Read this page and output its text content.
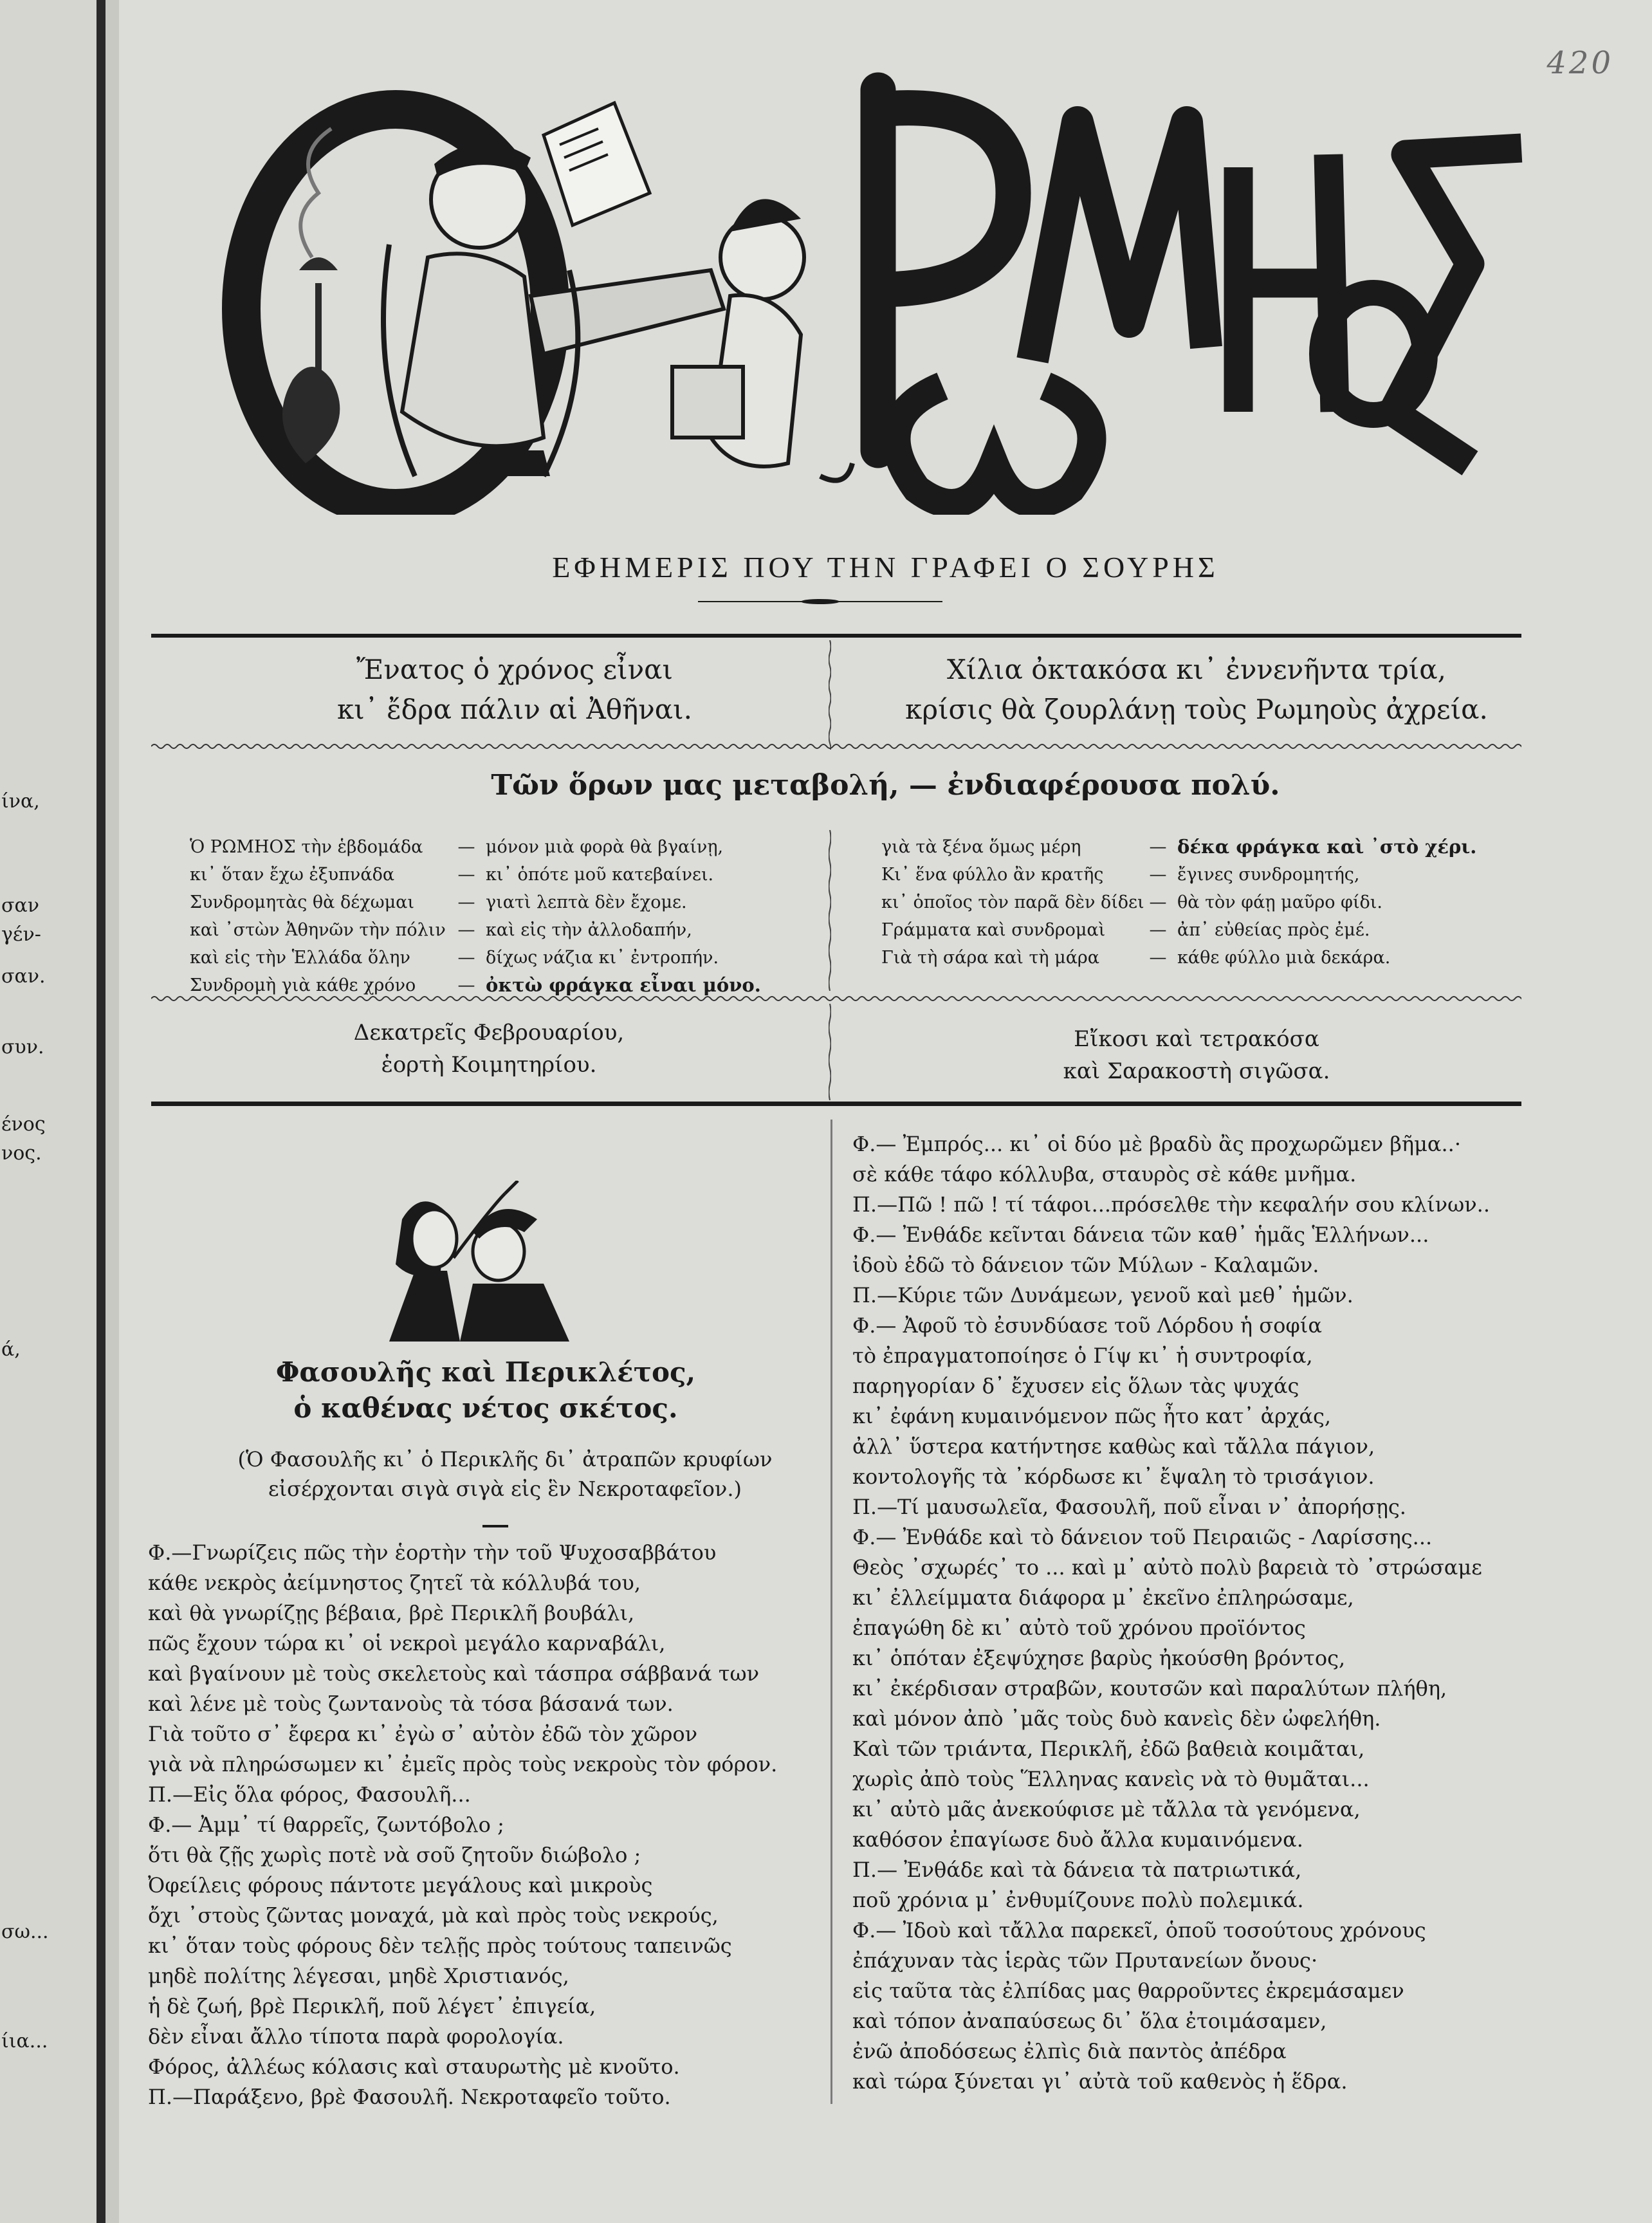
ίνα,
σαν
γέν-
σαν.
συν.
ένος
νος.
ά,
σω...
ίια...
420
ΕΦΗΜΕΡΙΣ ΠΟΥ ΤΗΝ ΓΡΑΦΕΙ Ο ΣΟΥΡΗΣ
Ἔνατος ὁ χρόνος εἶναι
κι᾽ ἔδρα πάλιν αἱ Ἀθῆναι.
Χίλια ὀκτακόσα κι᾽ ἐννενῆντα τρία,
κρίσις θὰ ζουρλάνῃ τοὺς Ρωμηοὺς ἀχρεία.
Τῶν ὅρων μας μεταβολή, — ἐνδιαφέρουσα πολύ.
Ὁ ΡΩΜΗΟΣ τὴν ἑβδομάδα	— μόνον μιὰ φορὰ θὰ βγαίνῃ,
κι᾽ ὅταν ἔχω ἐξυπνάδα	— κι᾽ ὁπότε μοῦ κατεβαίνει.
Συνδρομητὰς θὰ δέχωμαι	— γιατὶ λεπτὰ δὲν ἔχομε.
καὶ ᾽στὼν Ἀθηνῶν τὴν πόλιν — καὶ εἰς τὴν ἀλλοδαπήν,
καὶ εἰς τὴν Ἑλλάδα ὅλην	— δίχως νάζια κι᾽ ἐντροπήν.
Συνδρομὴ γιὰ κάθε χρόνο	— ὀκτὼ φράγκα εἶναι μόνο.
γιὰ τὰ ξένα ὅμως μέρη	— δέκα φράγκα καὶ ᾽στὸ χέρι.
Κι᾽ ἕνα φύλλο ἂν κρατῆς	— ἔγινες συνδρομητής,
κι᾽ ὁποῖος τὸν παρᾶ δὲν δίδει — θὰ τὸν φάῃ μαῦρο φίδι.
Γράμματα καὶ συνδρομαὶ	— ἀπ᾽ εὐθείας πρὸς ἐμέ.
Γιὰ τὴ σάρα καὶ τὴ μάρα	— κάθε φύλλο μιὰ δεκάρα.
Δεκατρεῖς Φεβρουαρίου,
ἑορτὴ Κοιμητηρίου.
Εἴκοσι καὶ τετρακόσα
καὶ Σαρακοστὴ σιγῶσα.
Φασουλῆς καὶ Περικλέτος,
ὁ καθένας νέτος σκέτος.
(Ὁ Φασουλῆς κι᾽ ὁ Περικλῆς δι᾽ ἀτραπῶν κρυφίων
εἰσέρχονται σιγὰ σιγὰ εἰς ἓν Νεκροταφεῖον.)
Φ.—Γνωρίζεις πῶς τὴν ἑορτὴν τὴν τοῦ Ψυχοσαββάτου
κάθε νεκρὸς ἀείμνηστος ζητεῖ τὰ κόλλυβά του,
καὶ θὰ γνωρίζῃς βέβαια, βρὲ Περικλῆ βουβάλι,
πῶς ἔχουν τώρα κι᾽ οἱ νεκροὶ μεγάλο καρναβάλι,
καὶ βγαίνουν μὲ τοὺς σκελετοὺς καὶ τάσπρα σάββανά των
καὶ λένε μὲ τοὺς ζωντανοὺς τὰ τόσα βάσανά των.
Γιὰ τοῦτο σ᾽ ἔφερα κι᾽ ἐγὼ σ᾽ αὐτὸν ἐδῶ τὸν χῶρον
γιὰ νὰ πληρώσωμεν κι᾽ ἐμεῖς πρὸς τοὺς νεκροὺς τὸν φόρον.
Π.—Εἰς ὅλα φόρος, Φασουλῆ...
Φ.— Ἀμμ᾽ τί θαρρεῖς, ζωντόβολο ;
ὅτι θὰ ζῇς χωρὶς ποτὲ νὰ σοῦ ζητοῦν διώβολο ;
Ὀφείλεις φόρους πάντοτε μεγάλους καὶ μικροὺς
ὄχι ᾽στοὺς ζῶντας μοναχά, μὰ καὶ πρὸς τοὺς νεκρούς,
κι᾽ ὅταν τοὺς φόρους δὲν τελῇς πρὸς τούτους ταπεινῶς
μηδὲ πολίτης λέγεσαι, μηδὲ Χριστιανός,
ἡ δὲ ζωή, βρὲ Περικλῆ, ποῦ λέγετ᾽ ἐπιγεία,
δὲν εἶναι ἄλλο τίποτα παρὰ φορολογία.
Φόρος, ἀλλέως κόλασις καὶ σταυρωτὴς μὲ κνοῦτο.
Π.—Παράξενο, βρὲ Φασουλῆ. Νεκροταφεῖο τοῦτο.
Φ.— Ἐμπρός... κι᾽ οἱ δύο μὲ βραδὺ ἂς προχωρῶμεν βῆμα..·
σὲ κάθε τάφο κόλλυβα, σταυρὸς σὲ κάθε μνῆμα.
Π.—Πῶ ! πῶ ! τί τάφοι...πρόσελθε τὴν κεφαλήν σου κλίνων..
Φ.— Ἐνθάδε κεῖνται δάνεια τῶν καθ᾽ ἡμᾶς Ἑλλήνων...
ἰδοὺ ἐδῶ τὸ δάνειον τῶν Μύλων - Καλαμῶν.
Π.—Κύριε τῶν Δυνάμεων, γενοῦ καὶ μεθ᾽ ἡμῶν.
Φ.— Ἀφοῦ τὸ ἐσυνδύασε τοῦ Λόρδου ἡ σοφία
τὸ ἐπραγματοποίησε ὁ Γίψ κι᾽ ἡ συντροφία,
παρηγορίαν δ᾽ ἔχυσεν εἰς ὅλων τὰς ψυχάς
κι᾽ ἐφάνη κυμαινόμενον πῶς ἦτο κατ᾽ ἀρχάς,
ἀλλ᾽ ὕστερα κατήντησε καθὼς καὶ τἄλλα πάγιον,
κοντολογῆς τὰ ᾽κόρδωσε κι᾽ ἔψαλη τὸ τρισάγιον.
Π.—Τί μαυσωλεῖα, Φασουλῆ, ποῦ εἶναι ν᾽ ἀπορήσῃς.
Φ.— Ἐνθάδε καὶ τὸ δάνειον τοῦ Πειραιῶς - Λαρίσσης...
Θεὸς ᾽σχωρές᾽ το ... καὶ μ᾽ αὐτὸ πολὺ βαρειὰ τὸ ᾽στρώσαμε
κι᾽ ἐλλείμματα διάφορα μ᾽ ἐκεῖνο ἐπληρώσαμε,
ἐπαγώθη δὲ κι᾽ αὐτὸ τοῦ χρόνου προϊόντος
κι᾽ ὁπόταν ἐξεψύχησε βαρὺς ἠκούσθη βρόντος,
κι᾽ ἐκέρδισαν στραβῶν, κουτσῶν καὶ παραλύτων πλήθη,
καὶ μόνον ἀπὸ ᾽μᾶς τοὺς δυὸ κανεὶς δὲν ὠφελήθη.
Καὶ τῶν τριάντα, Περικλῆ, ἐδῶ βαθειὰ κοιμᾶται,
χωρὶς ἀπὸ τοὺς Ἕλληνας κανεὶς νὰ τὸ θυμᾶται...
κι᾽ αὐτὸ μᾶς ἀνεκούφισε μὲ τἄλλα τὰ γενόμενα,
καθόσον ἐπαγίωσε δυὸ ἄλλα κυμαινόμενα.
Π.— Ἐνθάδε καὶ τὰ δάνεια τὰ πατριωτικά,
ποῦ χρόνια μ᾽ ἐνθυμίζουνε πολὺ πολεμικά.
Φ.— Ἰδοὺ καὶ τἄλλα παρεκεῖ, ὁποῦ τοσούτους χρόνους
ἐπάχυναν τὰς ἱερὰς τῶν Πρυτανείων ὄνους·
εἰς ταῦτα τὰς ἐλπίδας μας θαρροῦντες ἐκρεμάσαμεν
καὶ τόπον ἀναπαύσεως δι᾽ ὅλα ἐτοιμάσαμεν,
ἐνῶ ἀποδόσεως ἐλπὶς διὰ παντὸς ἀπέδρα
καὶ τώρα ξύνεται γι᾽ αὐτὰ τοῦ καθενὸς ἡ ἕδρα.
